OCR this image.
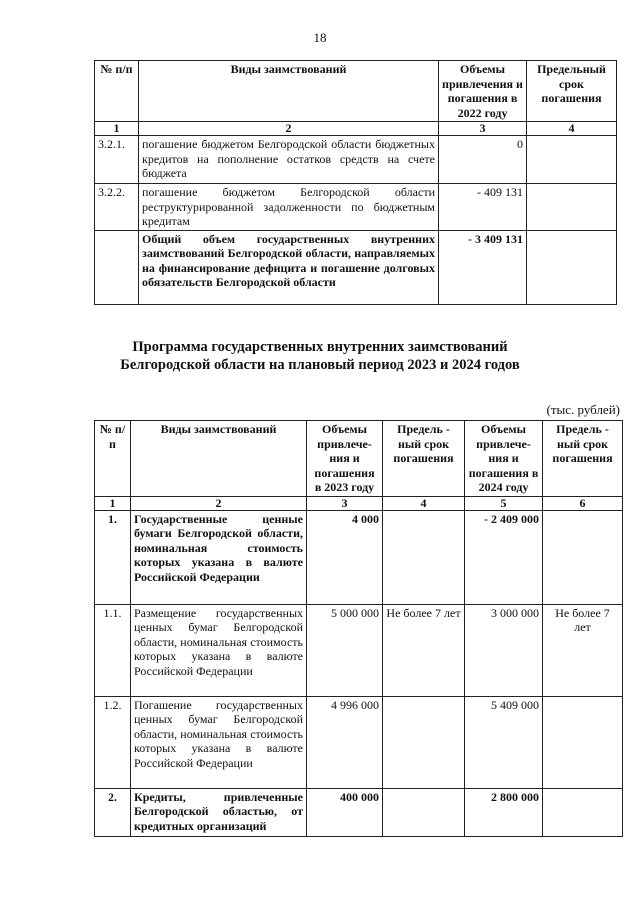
18
№ п/п	Виды заимствований	Объемы привлечения и погашения в 2022 году	Предельный срок погашения
1	2	3	4
3.2.1.	погашение бюджетом Белгородской области бюджетных кредитов на пополнение остатков средств на счете бюджета	0	
3.2.2.	погашение бюджетом Белгородской области реструктурированной задолженности по бюджетным кредитам	- 409 131	
	Общий объем государственных внутренних заимствований Белгородской области, направляемых на финансирование дефицита и погашение долговых обязательств Белгородской области	- 3 409 131	
Программа государственных внутренних заимствований
Белгородской области на плановый период 2023 и 2024 годов
(тыс. рублей)
№ п/п	Виды заимствований	Объемы привлече-ния и погашения в 2023 году	Предель - ный срок погашения	Объемы привлече-ния и погашения в 2024 году	Предель - ный срок погашения
1	2	3	4	5	6
1.	Государственные ценные бумаги Белгородской области, номинальная стоимость которых указана в валюте Российской Федерации	4 000		- 2 409 000	
1.1.	Размещение государственных ценных бумаг Белгородской области, номинальная стоимость которых указана в валюте Российской Федерации	5 000 000	Не более 7 лет	3 000 000	Не более 7 лет
1.2.	Погашение государственных ценных бумаг Белгородской области, номинальная стоимость которых указана в валюте Российской Федерации	4 996 000		5 409 000	
2.	Кредиты, привлеченные Белгородской областью, от кредитных организаций	400 000		2 800 000	
